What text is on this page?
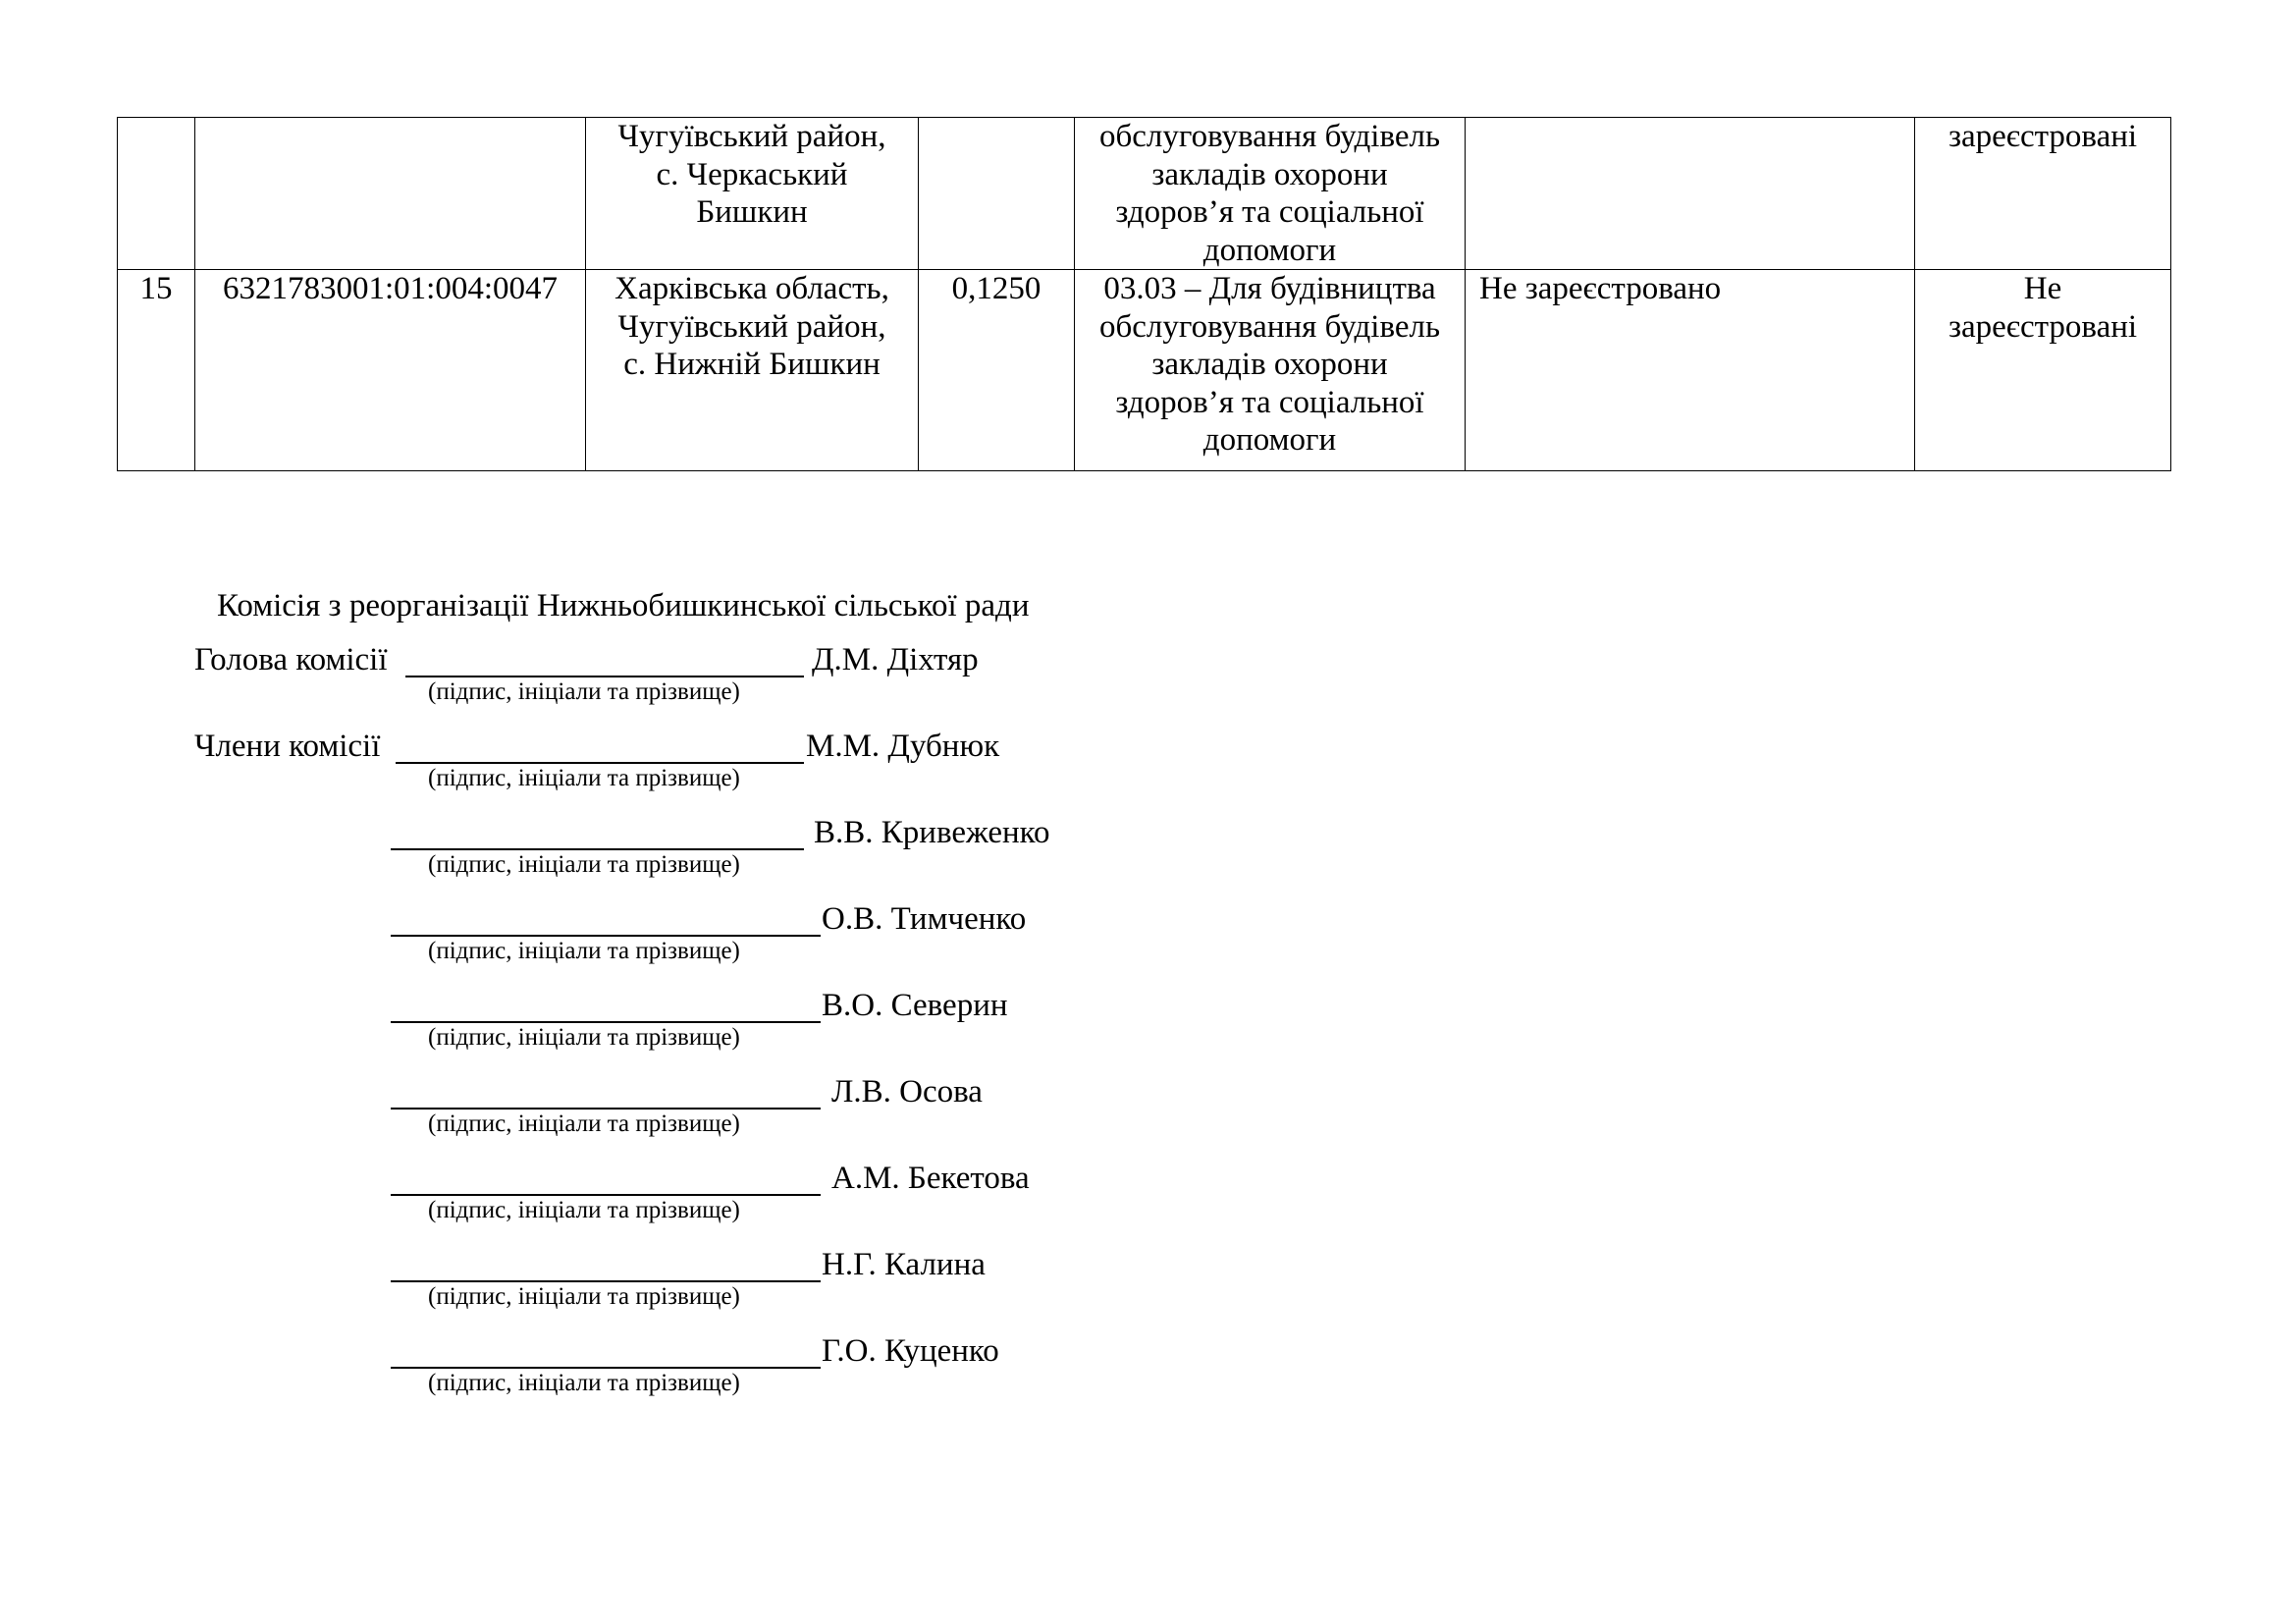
		Чугуївський район,
с. Черкаський
Бишкин		обслуговування будівель
закладів охорони
здоров’я та соціальної
допомоги		зареєстровані

15	6321783001:01:004:0047	Харківська область,
Чугуївський район,
с. Нижній Бишкин	0,1250	03.03 – Для будівництва
обслуговування будівель
закладів охорони
здоров’я та соціальної
допомоги	Не зареєстровано	Не
зареєстровані
Комісія з реорганізації Нижньобишкинської сільської ради
Голова комісії	Д.М. Діхтяр
(підпис, ініціали та прізвище)
Члени комісії	М.М. Дубнюк
(підпис, ініціали та прізвище)
В.В. Кривеженко
(підпис, ініціали та прізвище)
О.В. Тимченко
(підпис, ініціали та прізвище)
В.О. Северин
(підпис, ініціали та прізвище)
Л.В. Осова
(підпис, ініціали та прізвище)
А.М. Бекетова
(підпис, ініціали та прізвище)
Н.Г. Калина
(підпис, ініціали та прізвище)
Г.О. Куценко
(підпис, ініціали та прізвище)
